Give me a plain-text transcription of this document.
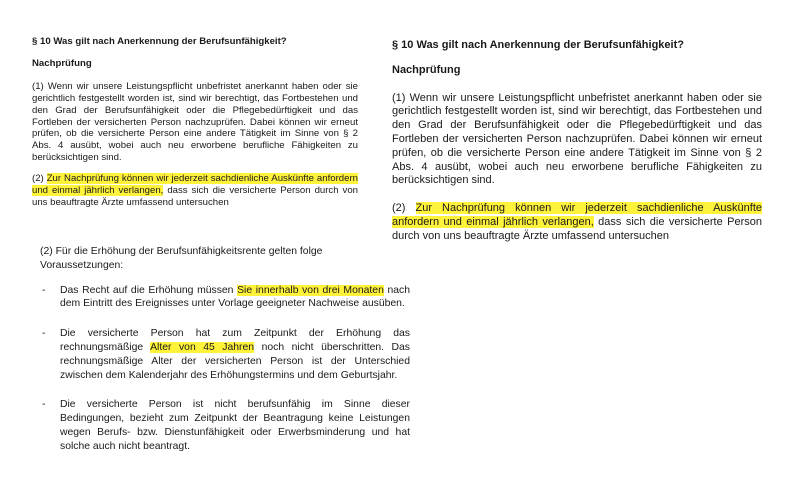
§ 10 Was gilt nach Anerkennung der Berufsunfähigkeit?

Nachprüfung

(1) Wenn wir unsere Leistungspflicht unbefristet anerkannt haben oder sie gerichtlich festgestellt worden ist, sind wir berechtigt, das Fortbestehen und den Grad der Berufsunfähigkeit oder die Pflegebedürftigkeit und das Fortleben der versicherten Person nachzuprüfen. Dabei können wir erneut prüfen, ob die versicherte Person eine andere Tätigkeit im Sinne von § 2 Abs. 4 ausübt, wobei auch neu erworbene berufliche Fähigkeiten zu berücksichtigen sind.

(2) Zur Nachprüfung können wir jederzeit sachdienliche Auskünfte anfordern und einmal jährlich verlangen, dass sich die versicherte Person durch von uns beauftragte Ärzte umfassend untersuchen

§ 10 Was gilt nach Anerkennung der Berufsunfähigkeit?

Nachprüfung

(1) Wenn wir unsere Leistungspflicht unbefristet anerkannt haben oder sie gerichtlich festgestellt worden ist, sind wir berechtigt, das Fortbestehen und den Grad der Berufsunfähigkeit oder die Pflegebedürftigkeit und das Fortleben der versicherten Person nachzuprüfen. Dabei können wir erneut prüfen, ob die versicherte Person eine andere Tätigkeit im Sinne von § 2 Abs. 4 ausübt, wobei auch neu erworbene berufliche Fähigkeiten zu berücksichtigen sind.

(2) Zur Nachprüfung können wir jederzeit sachdienliche Auskünfte anfordern und einmal jährlich verlangen, dass sich die versicherte Person durch von uns beauftragte Ärzte umfassend untersuchen

(2) Für die Erhöhung der Berufsunfähigkeitsrente gelten folge
Voraussetzungen:
- Das Recht auf die Erhöhung müssen Sie innerhalb von drei Monaten nach dem Eintritt des Ereignisses unter Vorlage geeigneter Nachweise ausüben.
- Die versicherte Person hat zum Zeitpunkt der Erhöhung das rechnungsmäßige Alter von 45 Jahren noch nicht überschritten. Das rechnungsmäßige Alter der versicherten Person ist der Unterschied zwischen dem Kalenderjahr des Erhöhungstermins und dem Geburtsjahr.
- Die versicherte Person ist nicht berufsunfähig im Sinne dieser Bedingungen, bezieht zum Zeitpunkt der Beantragung keine Leistungen wegen Berufs- bzw. Dienstunfähigkeit oder Erwerbsminderung und hat solche auch nicht beantragt.
